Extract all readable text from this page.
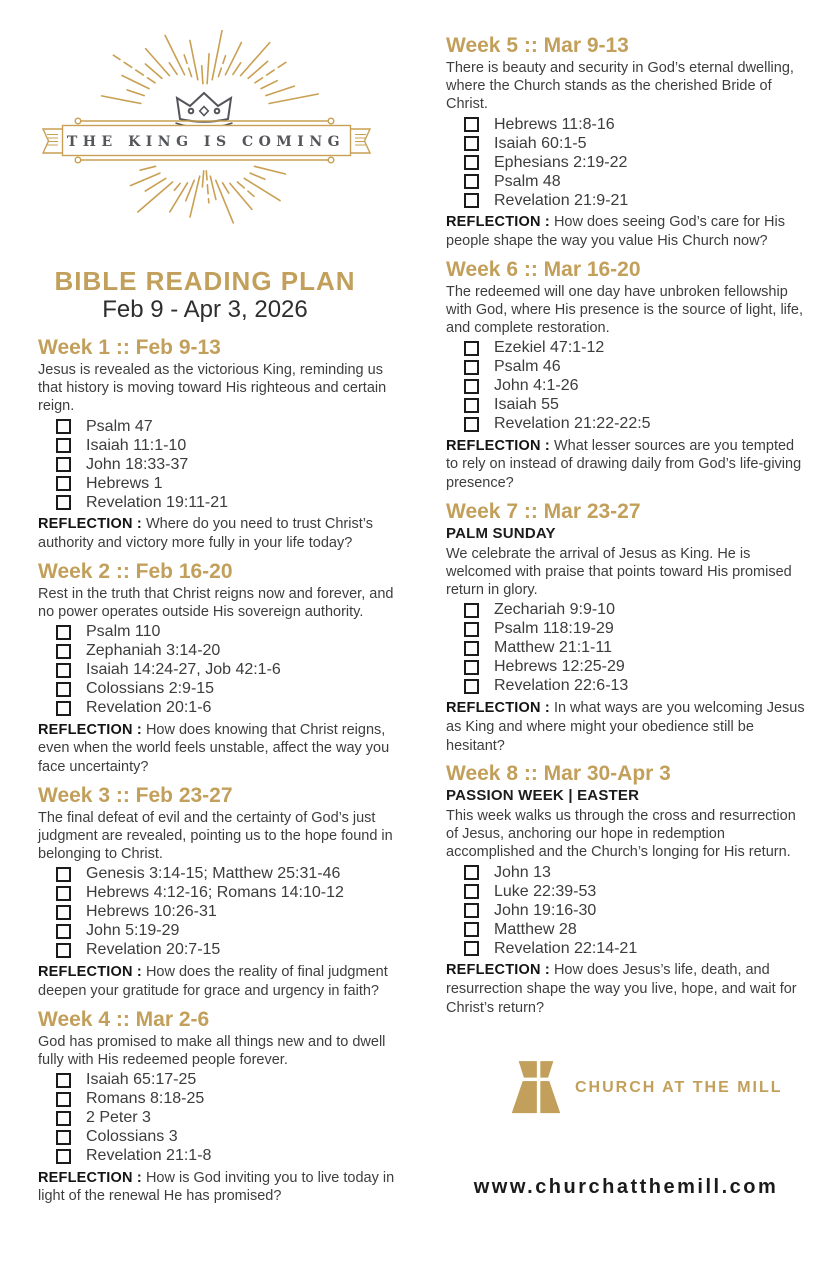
THE KING IS COMING
BIBLE READING PLAN
Feb 9 - Apr 3, 2026
Week 1 :: Feb 9-13

Jesus is revealed as the victorious King, reminding us that history is moving toward His righteous and certain reign.

Psalm 47
Isaiah 11:1-10
John 18:33-37
Hebrews 1
Revelation 19:11-21

REFLECTION : Where do you need to trust Christ’s authority and victory more fully in your life today?

Week 2 :: Feb 16-20

Rest in the truth that Christ reigns now and forever, and no power operates outside His sovereign authority.

Psalm 110
Zephaniah 3:14-20
Isaiah 14:24-27, Job 42:1-6
Colossians 2:9-15
Revelation 20:1-6

REFLECTION : How does knowing that Christ reigns, even when the world feels unstable, affect the way you face uncertainty?

Week 3 :: Feb 23-27

The final defeat of evil and the certainty of God’s just judgment are revealed, pointing us to the hope found in belonging to Christ.

Genesis 3:14-15; Matthew 25:31-46
Hebrews 4:12-16; Romans 14:10-12
Hebrews 10:26-31
John 5:19-29
Revelation 20:7-15

REFLECTION : How does the reality of final judgment deepen your gratitude for grace and urgency in faith?

Week 4 :: Mar 2-6

God has promised to make all things new and to dwell fully with His redeemed people forever.

Isaiah 65:17-25
Romans 8:18-25
2 Peter 3
Colossians 3
Revelation 21:1-8

REFLECTION : How is God inviting you to live today in light of the renewal He has promised?

Week 5 :: Mar 9-13

There is beauty and security in God’s eternal dwelling, where the Church stands as the cherished Bride of Christ.

Hebrews 11:8-16
Isaiah 60:1-5
Ephesians 2:19-22
Psalm 48
Revelation 21:9-21

REFLECTION : How does seeing God’s care for His people shape the way you value His Church now?

Week 6 :: Mar 16-20

The redeemed will one day have unbroken fellowship with God, where His presence is the source of light, life, and complete restoration.

Ezekiel 47:1-12
Psalm 46
John 4:1-26
Isaiah 55
Revelation 21:22-22:5

REFLECTION : What lesser sources are you tempted to rely on instead of drawing daily from God’s life-giving presence?

Week 7 :: Mar 23-27
PALM SUNDAY

We celebrate the arrival of Jesus as King. He is welcomed with praise that points toward His promised return in glory.

Zechariah 9:9-10
Psalm 118:19-29
Matthew 21:1-11
Hebrews 12:25-29
Revelation 22:6-13

REFLECTION : In what ways are you welcoming Jesus as King and where might your obedience still be hesitant?

Week 8 :: Mar 30-Apr 3
PASSION WEEK | EASTER

This week walks us through the cross and resurrection of Jesus, anchoring our hope in redemption accomplished and the Church’s longing for His return.

John 13
Luke 22:39-53
John 19:16-30
Matthew 28
Revelation 22:14-21

REFLECTION : How does Jesus’s life, death, and resurrection shape the way you live, hope, and wait for Christ’s return?

CHURCH AT THE MILL
www.churchatthemill.com
